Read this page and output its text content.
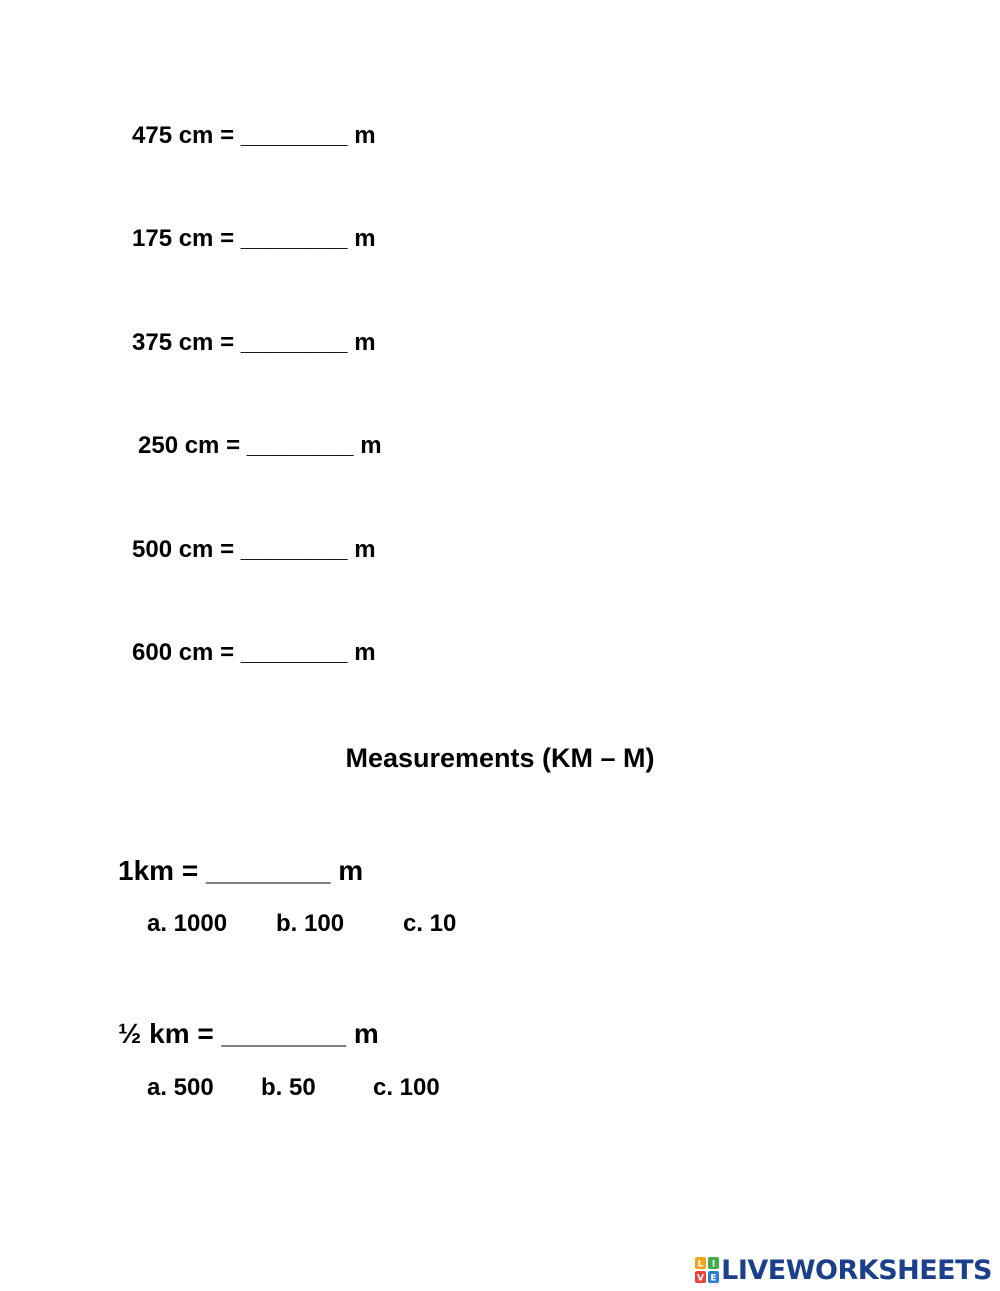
475 cm = ________ m
175 cm = ________ m
375 cm = ________ m
250 cm = ________ m
500 cm = ________ m
600 cm = ________ m
Measurements (KM – M)
1km = ________ m
a. 1000 b. 100 c. 10
½ km = ________ m
a. 500 b. 50 c. 100
L I
V E LIVEWORKSHEETS
